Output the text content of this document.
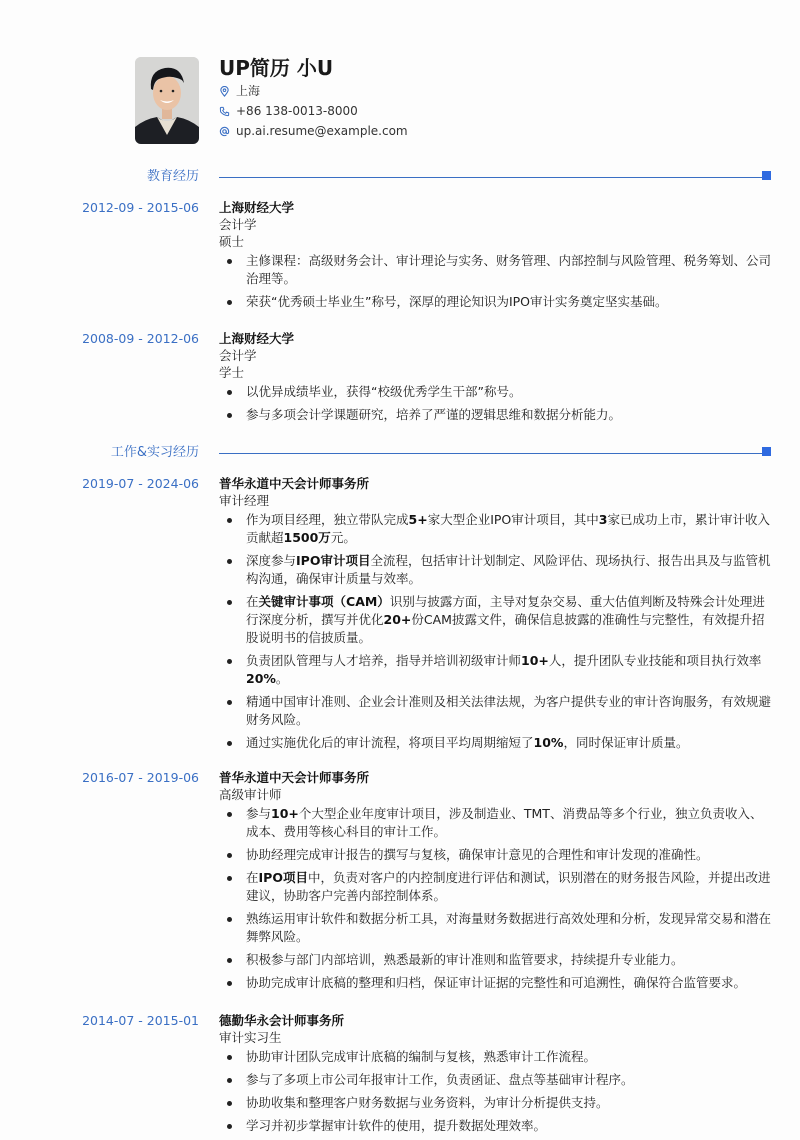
UP简历 小U
上海
+86 138-0013-8000
up.ai.resume@example.com
教育经历
2012-09 - 2015-06 上海财经大学
会计学
硕士
主修课程：高级财务会计、审计理论与实务、财务管理、内部控制与风险管理、税务筹划、公司治理等。
荣获“优秀硕士毕业生”称号，深厚的理论知识为IPO审计实务奠定坚实基础。
2008-09 - 2012-06 上海财经大学
会计学
学士
以优异成绩毕业，获得“校级优秀学生干部”称号。
参与多项会计学课题研究，培养了严谨的逻辑思维和数据分析能力。
工作&实习经历
2019-07 - 2024-06 普华永道中天会计师事务所
审计经理
作为项目经理，独立带队完成5+家大型企业IPO审计项目，其中3家已成功上市，累计审计收入贡献超1500万元。
深度参与IPO审计项目全流程，包括审计计划制定、风险评估、现场执行、报告出具及与监管机构沟通，确保审计质量与效率。
在关键审计事项（CAM）识别与披露方面，主导对复杂交易、重大估值判断及特殊会计处理进行深度分析，撰写并优化20+份CAM披露文件，确保信息披露的准确性与完整性，有效提升招股说明书的信披质量。
负责团队管理与人才培养，指导并培训初级审计师10+人，提升团队专业技能和项目执行效率20%。
精通中国审计准则、企业会计准则及相关法律法规，为客户提供专业的审计咨询服务，有效规避财务风险。
通过实施优化后的审计流程，将项目平均周期缩短了10%，同时保证审计质量。
2016-07 - 2019-06 普华永道中天会计师事务所
高级审计师
参与10+个大型企业年度审计项目，涉及制造业、TMT、消费品等多个行业，独立负责收入、成本、费用等核心科目的审计工作。
协助经理完成审计报告的撰写与复核，确保审计意见的合理性和审计发现的准确性。
在IPO项目中，负责对客户的内控制度进行评估和测试，识别潜在的财务报告风险，并提出改进建议，协助客户完善内部控制体系。
熟练运用审计软件和数据分析工具，对海量财务数据进行高效处理和分析，发现异常交易和潜在舞弊风险。
积极参与部门内部培训，熟悉最新的审计准则和监管要求，持续提升专业能力。
协助完成审计底稿的整理和归档，保证审计证据的完整性和可追溯性，确保符合监管要求。
2014-07 - 2015-01 德勤华永会计师事务所
审计实习生
协助审计团队完成审计底稿的编制与复核，熟悉审计工作流程。
参与了多项上市公司年报审计工作，负责函证、盘点等基础审计程序。
协助收集和整理客户财务数据与业务资料，为审计分析提供支持。
学习并初步掌握审计软件的使用，提升数据处理效率。
